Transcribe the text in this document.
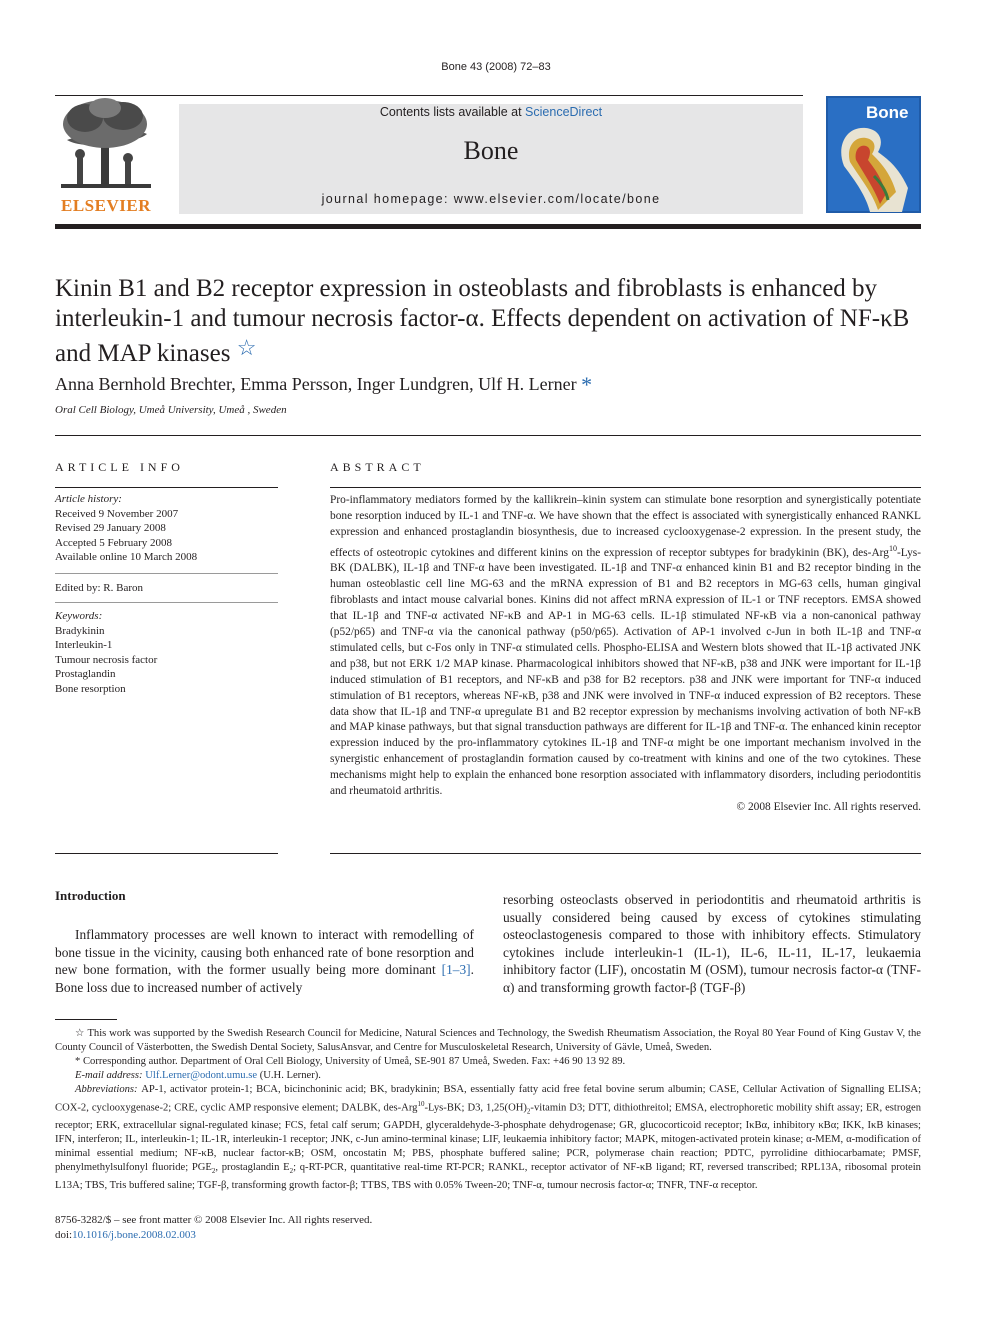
Bone 43 (2008) 72–83
ELSEVIER
Contents lists available at ScienceDirect
Bone
journal homepage: www.elsevier.com/locate/bone
Bone
Kinin B1 and B2 receptor expression in osteoblasts and fibroblasts is enhanced by interleukin-1 and tumour necrosis factor-α. Effects dependent on activation of NF-κB and MAP kinases ☆
Anna Bernhold Brechter, Emma Persson, Inger Lundgren, Ulf H. Lerner *
Oral Cell Biology, Umeå University, Umeå , Sweden
ARTICLE INFO
Article history:
Received 9 November 2007
Revised 29 January 2008
Accepted 5 February 2008
Available online 10 March 2008
Edited by: R. Baron
Keywords:
Bradykinin
Interleukin-1
Tumour necrosis factor
Prostaglandin
Bone resorption
ABSTRACT
Pro-inflammatory mediators formed by the kallikrein–kinin system can stimulate bone resorption and synergistically potentiate bone resorption induced by IL-1 and TNF-α. We have shown that the effect is associated with synergistically enhanced RANKL expression and enhanced prostaglandin biosynthesis, due to increased cyclooxygenase-2 expression. In the present study, the effects of osteotropic cytokines and different kinins on the expression of receptor subtypes for bradykinin (BK), des-Arg$^{10}$-Lys-BK (DALBK), IL-1β and TNF-α have been investigated. IL-1β and TNF-α enhanced kinin B1 and B2 receptor binding in the human osteoblastic cell line MG-63 and the mRNA expression of B1 and B2 receptors in MG-63 cells, human gingival fibroblasts and intact mouse calvarial bones. Kinins did not affect mRNA expression of IL-1 or TNF receptors. EMSA showed that IL-1β and TNF-α activated NF-κB and AP-1 in MG-63 cells. IL-1β stimulated NF-κB via a non-canonical pathway (p52/p65) and TNF-α via the canonical pathway (p50/p65). Activation of AP-1 involved c-Jun in both IL-1β and TNF-α stimulated cells, but c-Fos only in TNF-α stimulated cells. Phospho-ELISA and Western blots showed that IL-1β activated JNK and p38, but not ERK 1/2 MAP kinase. Pharmacological inhibitors showed that NF-κB, p38 and JNK were important for IL-1β induced stimulation of B1 receptors, and NF-κB and p38 for B2 receptors. p38 and JNK were important for TNF-α induced stimulation of B1 receptors, whereas NF-κB, p38 and JNK were involved in TNF-α induced expression of B2 receptors. These data show that IL-1β and TNF-α upregulate B1 and B2 receptor expression by mechanisms involving activation of both NF-κB and MAP kinase pathways, but that signal transduction pathways are different for IL-1β and TNF-α. The enhanced kinin receptor expression induced by the pro-inflammatory cytokines IL-1β and TNF-α might be one important mechanism involved in the synergistic enhancement of prostaglandin formation caused by co-treatment with kinins and one of the two cytokines. These mechanisms might help to explain the enhanced bone resorption associated with inflammatory disorders, including periodontitis and rheumatoid arthritis.
© 2008 Elsevier Inc. All rights reserved.
Introduction
Inflammatory processes are well known to interact with remodelling of bone tissue in the vicinity, causing both enhanced rate of bone resorption and new bone formation, with the former usually being more dominant [1–3]. Bone loss due to increased number of actively
resorbing osteoclasts observed in periodontitis and rheumatoid arthritis is usually considered being caused by excess of cytokines stimulating osteoclastogenesis compared to those with inhibitory effects. Stimulatory cytokines include interleukin-1 (IL-1), IL-6, IL-11, IL-17, leukaemia inhibitory factor (LIF), oncostatin M (OSM), tumour necrosis factor-α (TNF-α) and transforming growth factor-β (TGF-β)

☆ This work was supported by the Swedish Research Council for Medicine, Natural Sciences and Technology, the Swedish Rheumatism Association, the Royal 80 Year Found of King Gustav V, the County Council of Västerbotten, the Swedish Dental Society, SalusAnsvar, and Centre for Musculoskeletal Research, University of Gävle, Umeå, Sweden.

* Corresponding author. Department of Oral Cell Biology, University of Umeå, SE-901 87 Umeå, Sweden. Fax: +46 90 13 92 89.

E-mail address: Ulf.Lerner@odont.umu.se (U.H. Lerner).

Abbreviations: AP-1, activator protein-1; BCA, bicinchoninic acid; BK, bradykinin; BSA, essentially fatty acid free fetal bovine serum albumin; CASE, Cellular Activation of Signalling ELISA; COX-2, cyclooxygenase-2; CRE, cyclic AMP responsive element; DALBK, des-Arg$^{10}$-Lys-BK; D3, $1,25(OH)_2$-vitamin D3; DTT, dithiothreitol; EMSA, electrophoretic mobility shift assay; ER, estrogen receptor; ERK, extracellular signal-regulated kinase; FCS, fetal calf serum; GAPDH, glyceraldehyde-3-phosphate dehydrogenase; GR, glucocorticoid receptor; IκBα, inhibitory κBα; IKK, IκB kinases; IFN, interferon; IL, interleukin-1; IL-1R, interleukin-1 receptor; JNK, c-Jun amino-terminal kinase; LIF, leukaemia inhibitory factor; MAPK, mitogen-activated protein kinase; α-MEM, α-modification of minimal essential medium; NF-κB, nuclear factor-κB; OSM, oncostatin M; PBS, phosphate buffered saline; PCR, polymerase chain reaction; PDTC, pyrrolidine dithiocarbamate; PMSF, phenylmethylsulfonyl fluoride; $PGE_2$, prostaglandin $E_2$; q-RT-PCR, quantitative real-time RT-PCR; RANKL, receptor activator of NF-κB ligand; RT, reversed transcribed; RPL13A, ribosomal protein L13A; TBS, Tris buffered saline; TGF-β, transforming growth factor-β; TTBS, TBS with 0.05% Tween-20; TNF-α, tumour necrosis factor-α; TNFR, TNF-α receptor.

8756-3282/$ – see front matter © 2008 Elsevier Inc. All rights reserved.
doi:10.1016/j.bone.2008.02.003
